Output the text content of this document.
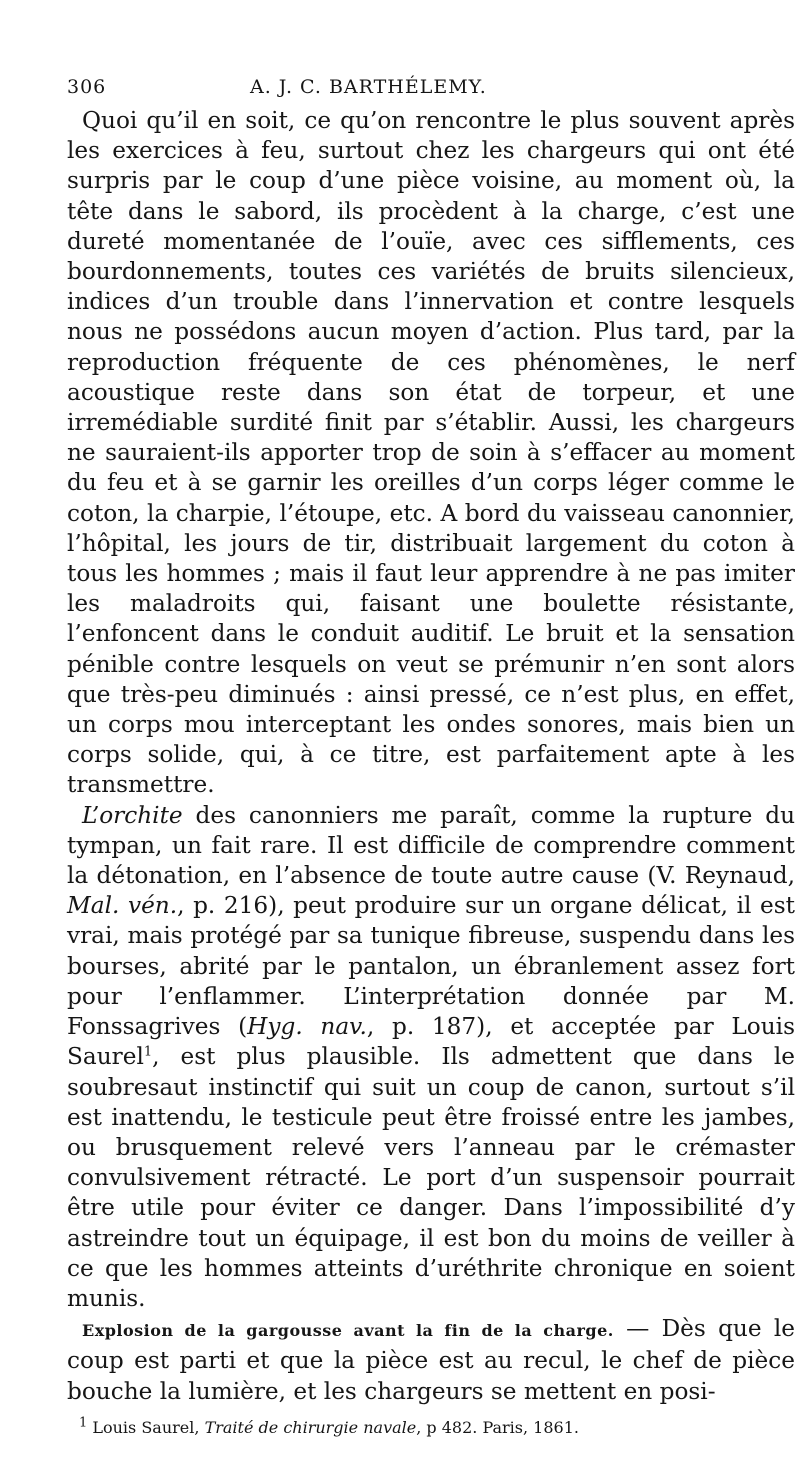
306	A. J. C. BARTHÉLEMY.

Quoi qu’il en soit, ce qu’on rencontre le plus souvent après les exercices à feu, surtout chez les chargeurs qui ont été surpris par le coup d’une pièce voisine, au moment où, la tête dans le sabord, ils procèdent à la charge, c’est une dureté momentanée de l’ouïe, avec ces sifflements, ces bourdonnements, toutes ces variétés de bruits silencieux, indices d’un trouble dans l’innervation et contre lesquels nous ne possédons aucun moyen d’action. Plus tard, par la reproduction fréquente de ces phénomènes, le nerf acoustique reste dans son état de torpeur, et une irremédiable surdité finit par s’établir. Aussi, les chargeurs ne sauraient-ils apporter trop de soin à s’effacer au moment du feu et à se garnir les oreilles d’un corps léger comme le coton, la charpie, l’étoupe, etc. A bord du vaisseau canonnier, l’hôpital, les jours de tir, distribuait largement du coton à tous les hommes ; mais il faut leur apprendre à ne pas imiter les maladroits qui, faisant une boulette résistante, l’enfoncent dans le conduit auditif. Le bruit et la sensation pénible contre lesquels on veut se prémunir n’en sont alors que très-peu diminués : ainsi pressé, ce n’est plus, en effet, un corps mou interceptant les ondes sonores, mais bien un corps solide, qui, à ce titre, est parfaitement apte à les transmettre.

L’orchite des canonniers me paraît, comme la rupture du tympan, un fait rare. Il est difficile de comprendre comment la détonation, en l’absence de toute autre cause (V. Reynaud, Mal. vén., p. 216), peut produire sur un organe délicat, il est vrai, mais protégé par sa tunique fibreuse, suspendu dans les bourses, abrité par le pantalon, un ébranlement assez fort pour l’enflammer. L’interprétation donnée par M. Fonssagrives (Hyg. nav., p. 187), et acceptée par Louis Saurel$^1$, est plus plausible. Ils admettent que dans le soubresaut instinctif qui suit un coup de canon, surtout s’il est inattendu, le testicule peut être froissé entre les jambes, ou brusquement relevé vers l’anneau par le crémaster convulsivement rétracté. Le port d’un suspensoir pourrait être utile pour éviter ce danger. Dans l’impossibilité d’y astreindre tout un équipage, il est bon du moins de veiller à ce que les hommes atteints d’uréthrite chronique en soient munis.

Explosion de la gargousse avant la fin de la charge. — Dès que le coup est parti et que la pièce est au recul, le chef de pièce bouche la lumière, et les chargeurs se mettent en posi-

$^1$ Louis Saurel, Traité de chirurgie navale, p 482. Paris, 1861.
